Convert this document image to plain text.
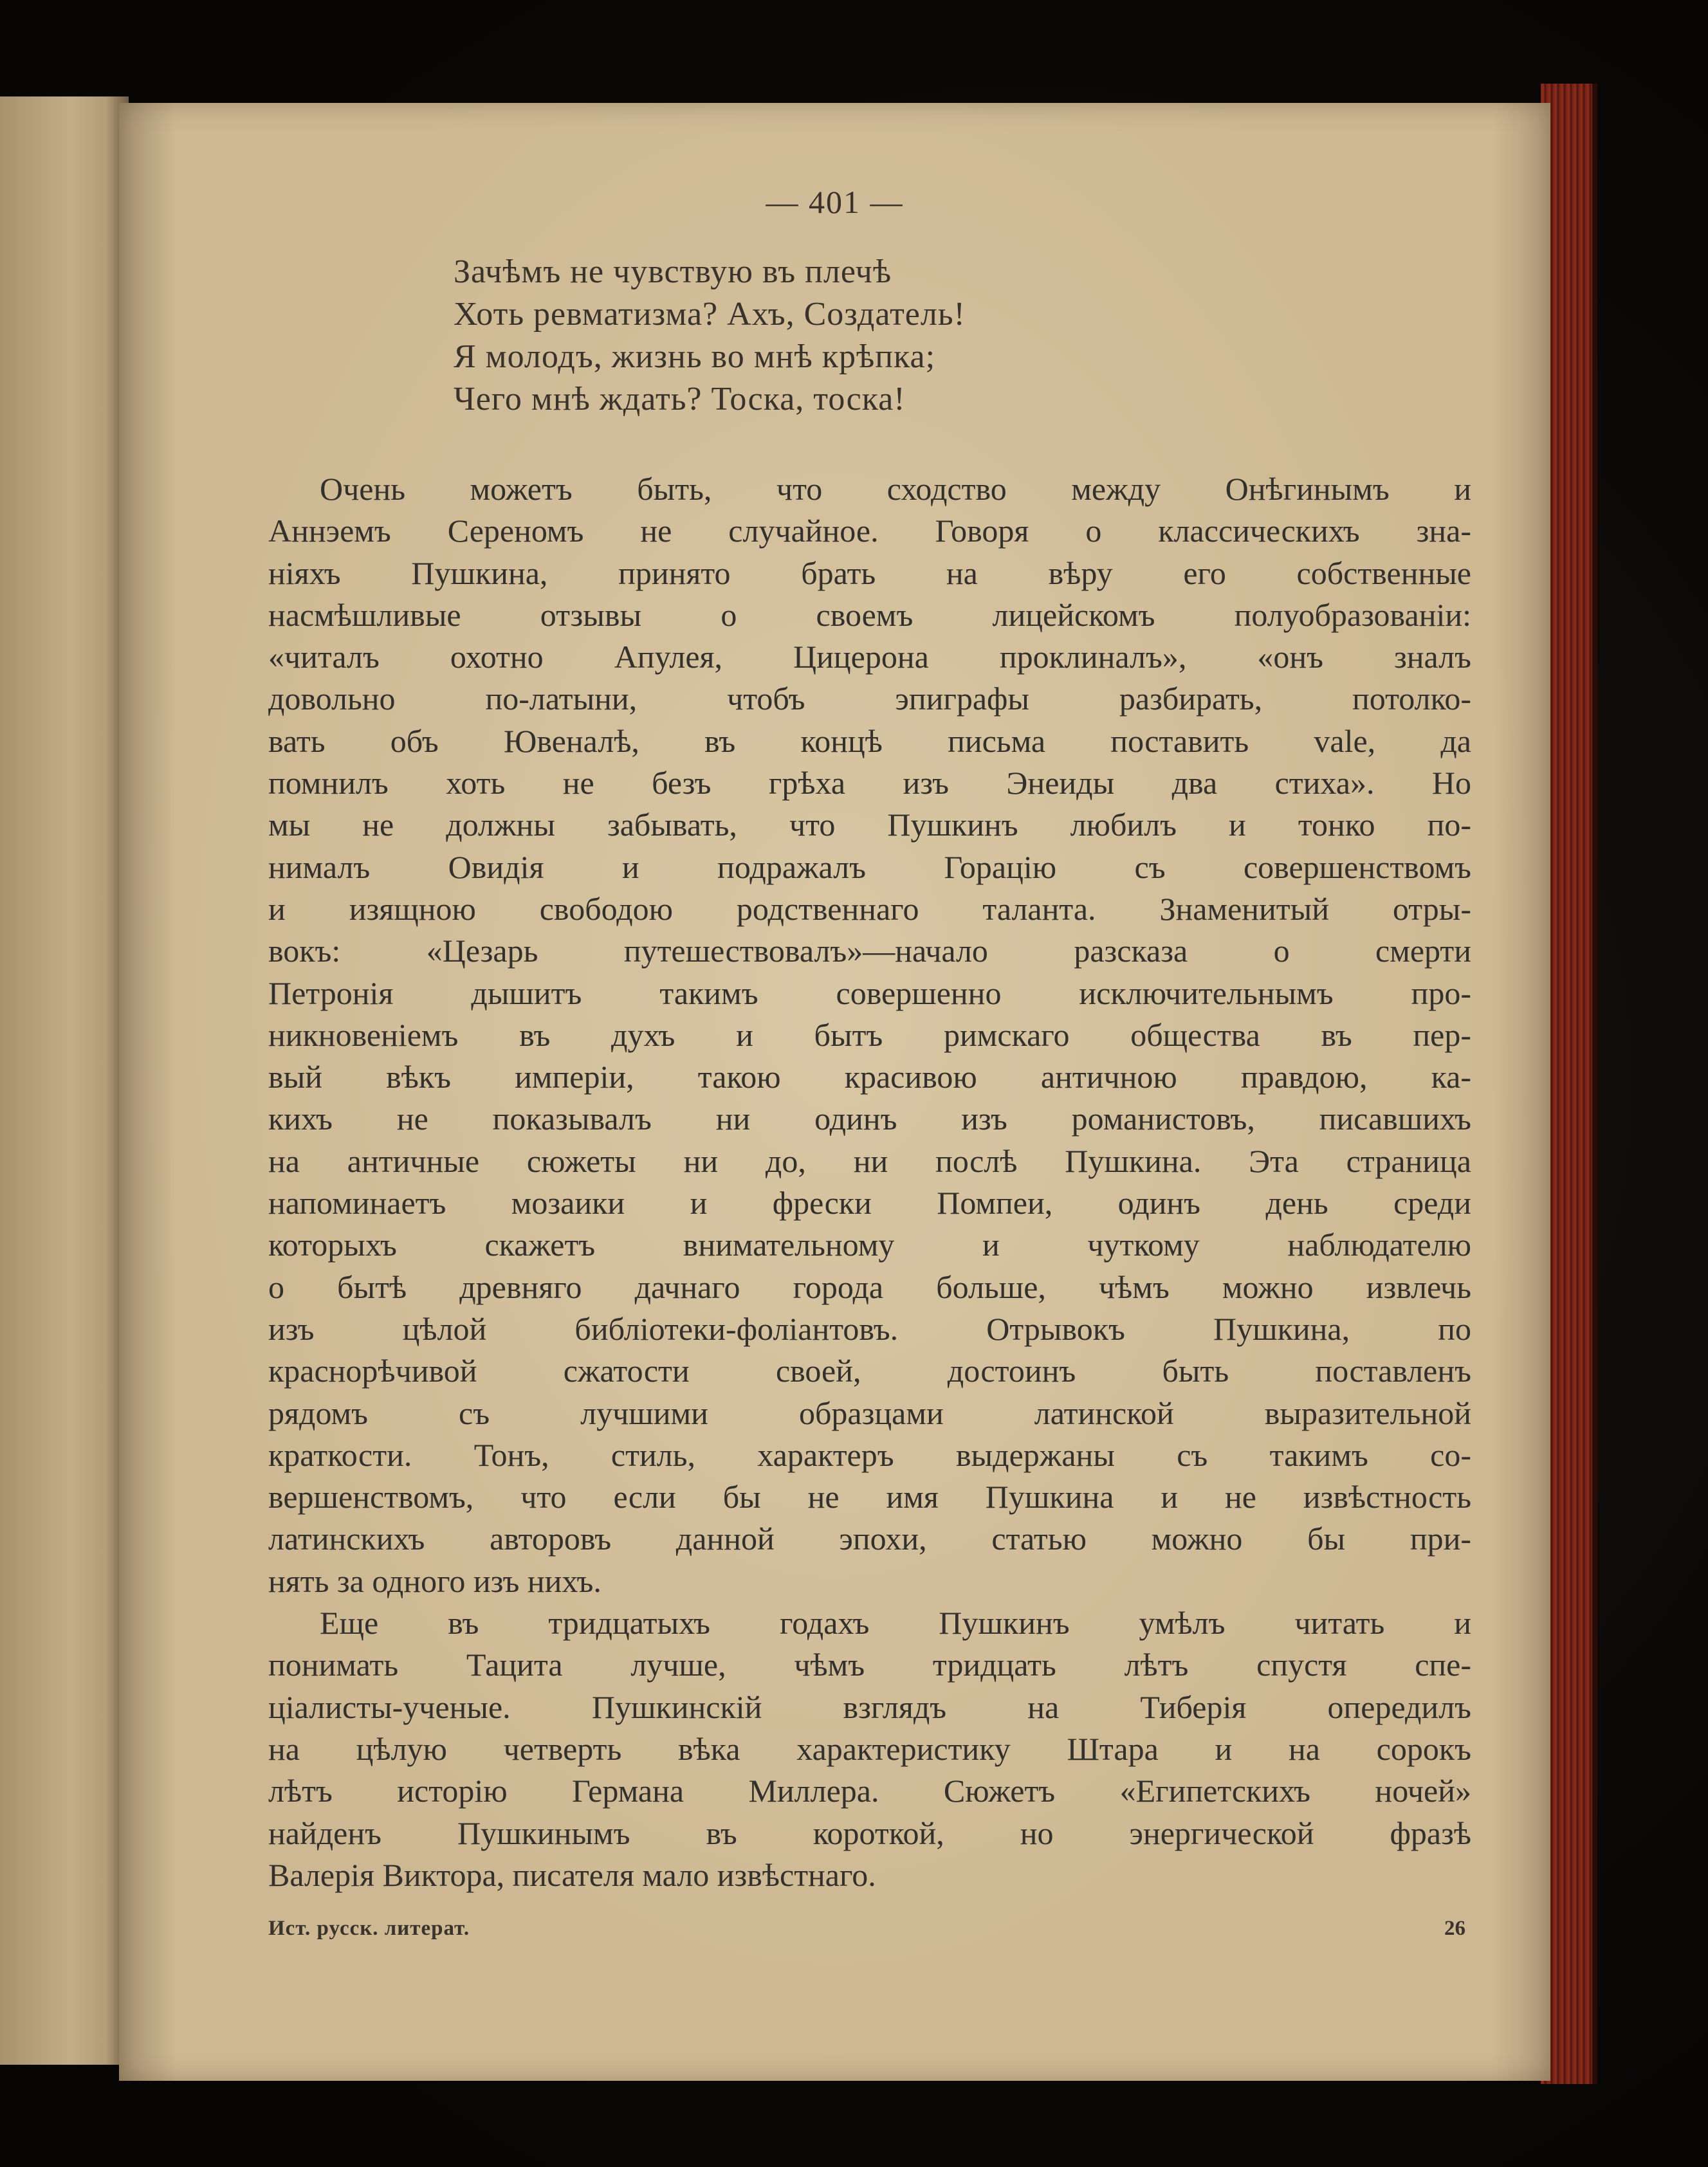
— 401 —
Зачѣмъ не чувствую въ плечѣ
Хоть ревматизма? Ахъ, Создатель!
Я молодъ, жизнь во мнѣ крѣпка;
Чего мнѣ ждать? Тоска, тоска!
Очень можетъ быть, что сходство между Онѣгинымъ и
Аннэемъ Сереномъ не случайное. Говоря о классическихъ зна-
ніяхъ Пушкина, принято брать на вѣру его собственные
насмѣшливые отзывы о своемъ лицейскомъ полуобразованіи:
«читалъ охотно Апулея, Цицерона проклиналъ», «онъ зналъ
довольно по-латыни, чтобъ эпиграфы разбирать, потолко-
вать объ Ювеналѣ, въ концѣ письма поставить vale, да
помнилъ хоть не безъ грѣха изъ Энеиды два стиха». Но
мы не должны забывать, что Пушкинъ любилъ и тонко по-
нималъ Овидія и подражалъ Горацію съ совершенствомъ
и изящною свободою родственнаго таланта. Знаменитый отры-
вокъ: «Цезарь путешествовалъ»—начало разсказа о смерти
Петронія дышитъ такимъ совершенно исключительнымъ про-
никновеніемъ въ духъ и бытъ римскаго общества въ пер-
вый вѣкъ имперіи, такою красивою античною правдою, ка-
кихъ не показывалъ ни одинъ изъ романистовъ, писавшихъ
на античные сюжеты ни до, ни послѣ Пушкина. Эта страница
напоминаетъ мозаики и фрески Помпеи, одинъ день среди
которыхъ скажетъ внимательному и чуткому наблюдателю
о бытѣ древняго дачнаго города больше, чѣмъ можно извлечь
изъ цѣлой библіотеки-фоліантовъ. Отрывокъ Пушкина, по
краснорѣчивой сжатости своей, достоинъ быть поставленъ
рядомъ съ лучшими образцами латинской выразительной
краткости. Тонъ, стиль, характеръ выдержаны съ такимъ со-
вершенствомъ, что если бы не имя Пушкина и не извѣстность
латинскихъ авторовъ данной эпохи, статью можно бы при-
нять за одного изъ нихъ.
Еще въ тридцатыхъ годахъ Пушкинъ умѣлъ читать и
понимать Тацита лучше, чѣмъ тридцать лѣтъ спустя спе-
ціалисты-ученые. Пушкинскій взглядъ на Тиберія опередилъ
на цѣлую четверть вѣка характеристику Штара и на сорокъ
лѣтъ исторію Германа Миллера. Сюжетъ «Египетскихъ ночей»
найденъ Пушкинымъ въ короткой, но энергической фразѣ
Валерія Виктора, писателя мало извѣстнаго.
Ист. русск. литерат.	26
